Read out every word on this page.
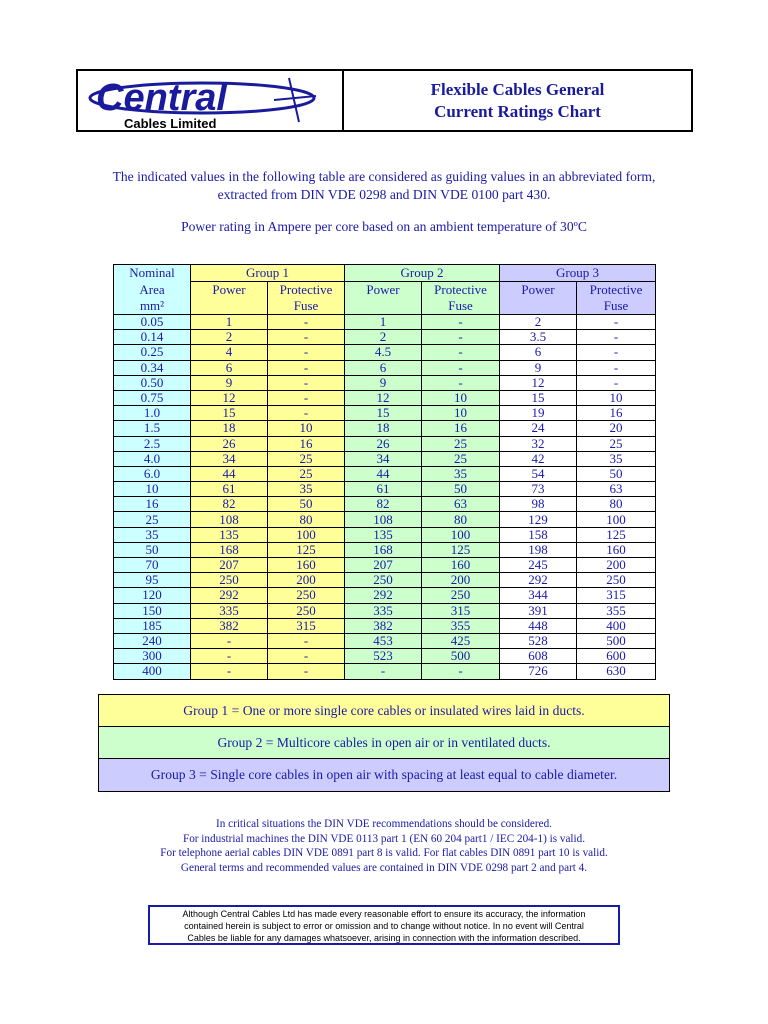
Central
Cables Limited
Flexible Cables General
Current Ratings Chart
The indicated values in the following table are considered as guiding values in an abbreviated form,
extracted from DIN VDE 0298 and DIN VDE 0100 part 430.
Power rating in Ampere per core based on an ambient temperature of 30ºC
Nominal	Group 1		Group 2		Group 3	
Area	Power	Protective	Power	Protective	Power	Protective
mm²		Fuse		Fuse		Fuse
0.05	1	-	1	-	2	-
0.14	2	-	2	-	3.5	-
0.25	4	-	4.5	-	6	-
0.34	6	-	6	-	9	-
0.50	9	-	9	-	12	-
0.75	12	-	12	10	15	10
1.0	15	-	15	10	19	16
1.5	18	10	18	16	24	20
2.5	26	16	26	25	32	25
4.0	34	25	34	25	42	35
6.0	44	25	44	35	54	50
10	61	35	61	50	73	63
16	82	50	82	63	98	80
25	108	80	108	80	129	100
35	135	100	135	100	158	125
50	168	125	168	125	198	160
70	207	160	207	160	245	200
95	250	200	250	200	292	250
120	292	250	292	250	344	315
150	335	250	335	315	391	355
185	382	315	382	355	448	400
240	-	-	453	425	528	500
300	-	-	523	500	608	600
400	-	-	-	-	726	630
Group 1 = One or more single core cables or insulated wires laid in ducts.
Group 2 = Multicore cables in open air or in ventilated ducts.
Group 3 = Single core cables in open air with spacing at least equal to cable diameter.
In critical situations the DIN VDE recommendations should be considered.
For industrial machines the DIN VDE 0113 part 1 (EN 60 204 part1 / IEC 204-1) is valid.
For telephone aerial cables DIN VDE 0891 part 8 is valid. For flat cables DIN 0891 part 10 is valid.
General terms and recommended values are contained in DIN VDE 0298 part 2 and part 4.
Although Central Cables Ltd has made every reasonable effort to ensure its accuracy, the information
contained herein is subject to error or omission and to change without notice. In no event will Central
Cables be liable for any damages whatsoever, arising in connection with the information described.
